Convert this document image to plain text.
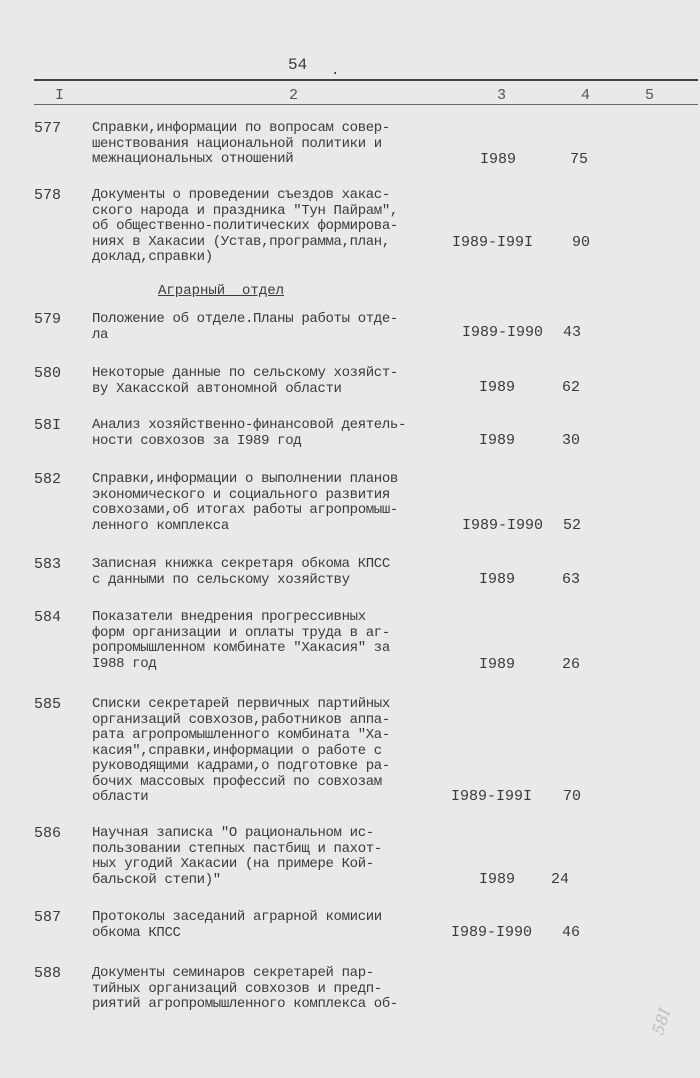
54 .
I	2	3	4	5
577 Справки,информации по вопросам совер-
шенствования национальной политики и
межнациональных отношений	I989	75
578 Документы о проведении съездов хакас-
ского народа и праздника "Тун Пайрам",
об общественно-политических формирова-
ниях в Хакасии (Устав,программа,план,
доклад,справки)
I989-I99I	90
Аграрный  отдел
579 Положение об отделе.Планы работы отде-
ла	I989-I990 43
580 Некоторые данные по сельскому хозяйст-
ву Хакасской автономной области	I989	62
58I Анализ хозяйственно-финансовой деятель-
ности совхозов за I989 год	I989	30
582 Справки,информации о выполнении планов
экономического и социального развития
совхозами,об итогах работы агропромыш-
ленного комплекса	I989-I990 52
583 Записная книжка секретаря обкома КПСС
с данными по сельскому хозяйству	I989	63
584 Показатели внедрения прогрессивных
форм организации и оплаты труда в аг-
ропромышленном комбинате "Хакасия" за
I988 год	I989	26
585 Списки секретарей первичных партийных
организаций совхозов,работников аппа-
рата агропромышленного комбината "Ха-
касия",справки,информации о работе с
руководящими кадрами,о подготовке ра-
бочих массовых профессий по совхозам
области	I989-I99I 70
586 Научная записка "О рациональном ис-
пользовании степных пастбищ и пахот-
ных угодий Хакасии (на примере Кой-
бальской степи)"	I989 24
587 Протоколы заседаний аграрной комисии
обкома КПСС	I989-I990 46
588 Документы семинаров секретарей пар-
тийных организаций совхозов и предп-
риятий агропромышленного комплекса об-
58I
